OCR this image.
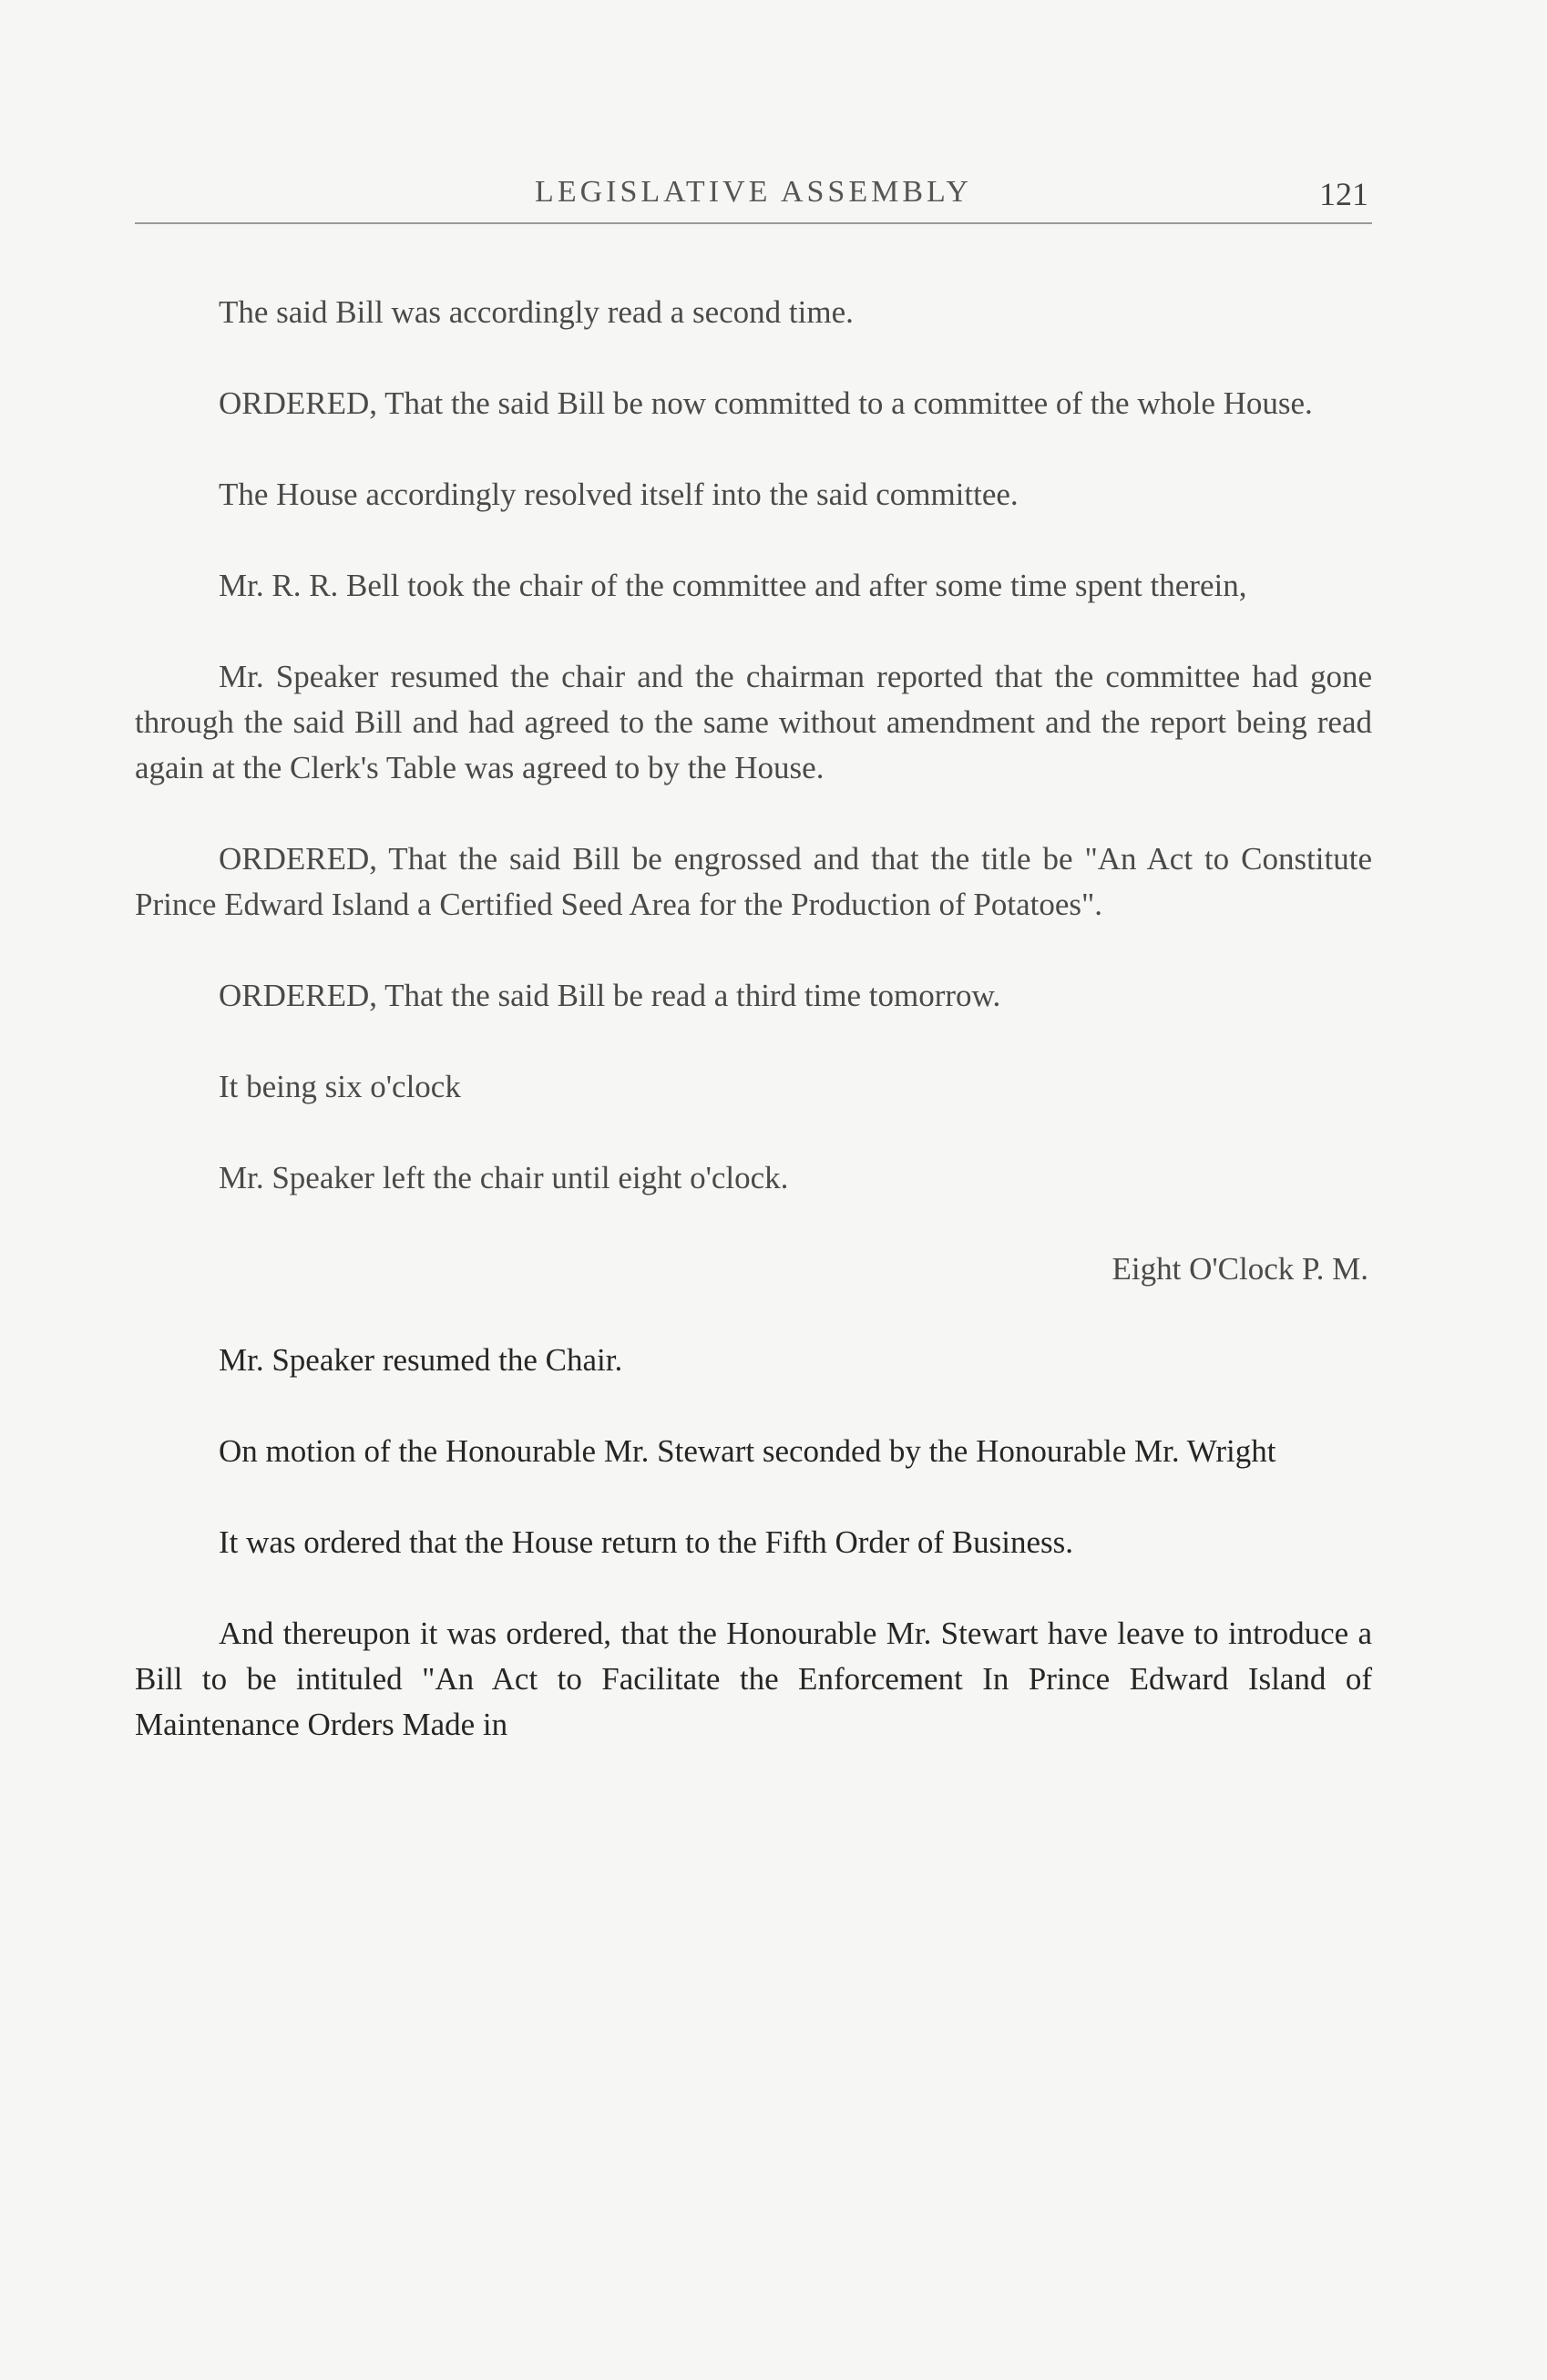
LEGISLATIVE ASSEMBLY	121

The said Bill was accordingly read a second time.

ORDERED, That the said Bill be now committed to a committee of the whole House.

The House accordingly resolved itself into the said committee.

Mr. R. R. Bell took the chair of the committee and after some time spent therein,

Mr. Speaker resumed the chair and the chairman reported that the committee had gone through the said Bill and had agreed to the same without amendment and the report being read again at the Clerk's Table was agreed to by the House.

ORDERED, That the said Bill be engrossed and that the title be "An Act to Constitute Prince Edward Island a Certified Seed Area for the Production of Potatoes".

ORDERED, That the said Bill be read a third time tomorrow.

It being six o'clock

Mr. Speaker left the chair until eight o'clock.

Eight O'Clock P. M.

Mr. Speaker resumed the Chair.

On motion of the Honourable Mr. Stewart seconded by the Honourable Mr. Wright

It was ordered that the House return to the Fifth Order of Business.

And thereupon it was ordered, that the Honourable Mr. Stewart have leave to introduce a Bill to be intituled "An Act to Facilitate the Enforcement In Prince Edward Island of Maintenance Orders Made in
